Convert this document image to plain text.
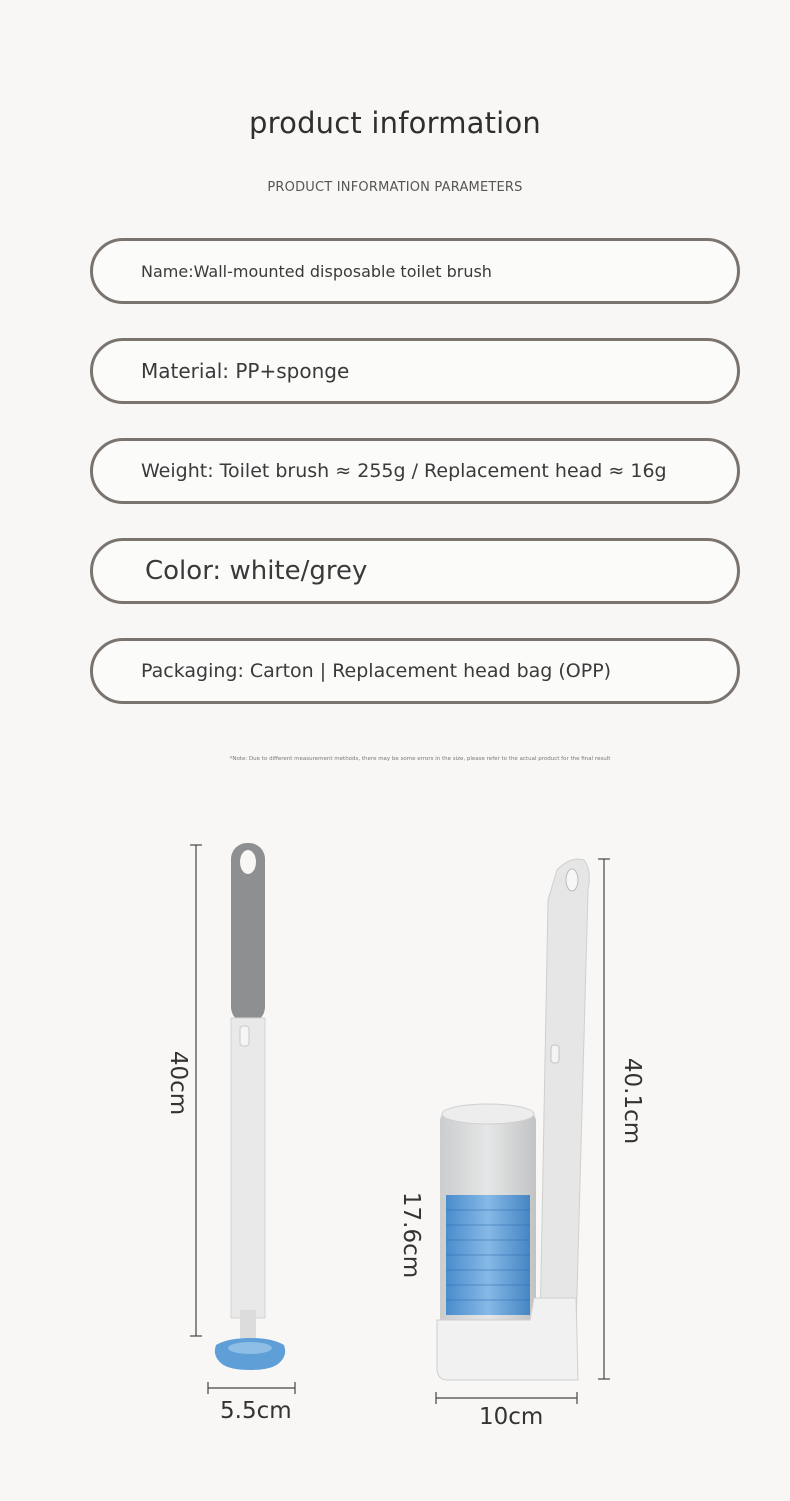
product information
PRODUCT INFORMATION PARAMETERS
Name:Wall-mounted disposable toilet brush
Material: PP+sponge
Weight: Toilet brush ≈ 255g / Replacement head ≈ 16g
Color: white/grey
Packaging: Carton | Replacement head bag (OPP)
*Note: Due to different measurement methods, there may be some errors in the size, please refer to the actual product for the final result
40cm
5.5cm
17.6cm
40.1cm
10cm
